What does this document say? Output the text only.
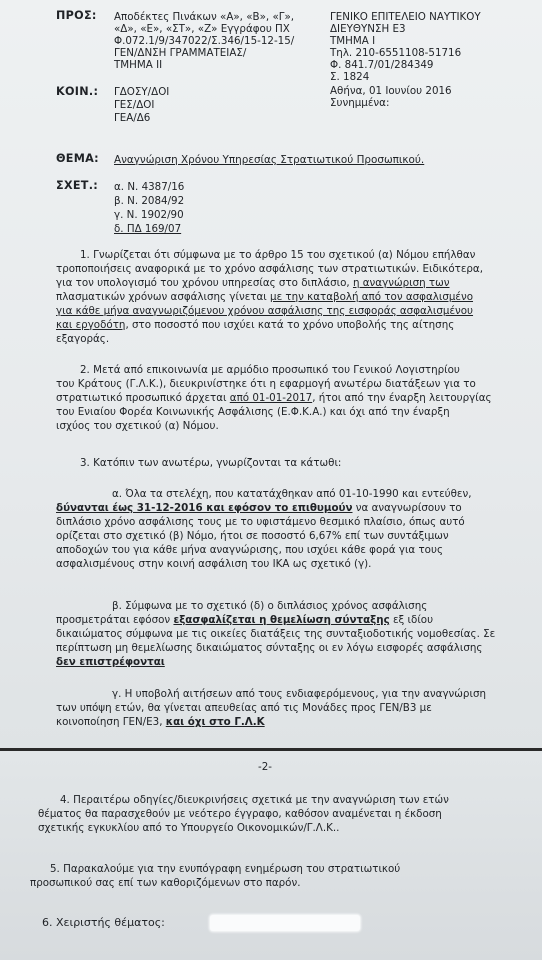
ΠΡΟΣ: Αποδέκτες Πινάκων «Α», «Β», «Γ»,
«Δ», «Ε», «ΣΤ», «Ζ» Εγγράφου ΠΧ
Φ.072.1/9/347022/Σ.346/15-12-15/
ΓΕΝ/ΔΝΣΗ ΓΡΑΜΜΑΤΕΙΑΣ/
ΤΜΗΜΑ ΙΙ
ΓΕΝΙΚΟ ΕΠΙΤΕΛΕΙΟ ΝΑΥΤΙΚΟΥ
ΔΙΕΥΘΥΝΣΗ Ε3
ΤΜΗΜΑ Ι
Τηλ. 210-6551108-51716
Φ. 841.7/01/284349
Σ. 1824
Αθήνα, 01 Ιουνίου 2016
Συνημμένα:
ΚΟΙΝ.: ΓΔΟΣΥ/ΔΟΙ
ΓΕΣ/ΔΟΙ
ΓΕΑ/Δ6
ΘΕΜΑ: Αναγνώριση Χρόνου Υπηρεσίας Στρατιωτικού Προσωπικού.
ΣΧΕΤ.: α. Ν. 4387/16
β. Ν. 2084/92
γ. Ν. 1902/90
δ. ΠΔ 169/07
1. Γνωρίζεται ότι σύμφωνα με το άρθρο 15 του σχετικού (α) Νόμου επήλθαν
τροποποιήσεις αναφορικά με το χρόνο ασφάλισης των στρατιωτικών. Ειδικότερα,
για τον υπολογισμό του χρόνου υπηρεσίας στο διπλάσιο, η αναγνώριση των
πλασματικών χρόνων ασφάλισης γίνεται με την καταβολή από τον ασφαλισμένο
για κάθε μήνα αναγνωριζόμενου χρόνου ασφάλισης της εισφοράς ασφαλισμένου
και εργοδότη, στο ποσοστό που ισχύει κατά το χρόνο υποβολής της αίτησης
εξαγοράς.
2. Μετά από επικοινωνία με αρμόδιο προσωπικό του Γενικού Λογιστηρίου
του Κράτους (Γ.Λ.Κ.), διευκρινίστηκε ότι η εφαρμογή ανωτέρω διατάξεων για το
στρατιωτικό προσωπικό άρχεται από 01-01-2017, ήτοι από την έναρξη λειτουργίας
του Ενιαίου Φορέα Κοινωνικής Ασφάλισης (Ε.Φ.Κ.Α.) και όχι από την έναρξη
ισχύος του σχετικού (α) Νόμου.
3. Κατόπιν των ανωτέρω, γνωρίζονται τα κάτωθι:
α. Όλα τα στελέχη, που κατατάχθηκαν από 01-10-1990 και εντεύθεν,
δύνανται έως 31-12-2016 και εφόσον το επιθυμούν να αναγνωρίσουν το
διπλάσιο χρόνο ασφάλισης τους με το υφιστάμενο θεσμικό πλαίσιο, όπως αυτό
ορίζεται στο σχετικό (β) Νόμο, ήτοι σε ποσοστό 6,67% επί των συντάξιμων
αποδοχών του για κάθε μήνα αναγνώρισης, που ισχύει κάθε φορά για τους
ασφαλισμένους στην κοινή ασφάλιση του ΙΚΑ ως σχετικό (γ).
β. Σύμφωνα με το σχετικό (δ) ο διπλάσιος χρόνος ασφάλισης
προσμετράται εφόσον εξασφαλίζεται η θεμελίωση σύνταξης εξ ιδίου
δικαιώματος σύμφωνα με τις οικείες διατάξεις της συνταξιοδοτικής νομοθεσίας. Σε
περίπτωση μη θεμελίωσης δικαιώματος σύνταξης οι εν λόγω εισφορές ασφάλισης
δεν επιστρέφονται
γ. Η υποβολή αιτήσεων από τους ενδιαφερόμενους, για την αναγνώριση
των υπόψη ετών, θα γίνεται απευθείας από τις Μονάδες προς ΓΕΝ/Β3 με
κοινοποίηση ΓΕΝ/Ε3, και όχι στο Γ.Λ.Κ
-2-
4. Περαιτέρω οδηγίες/διευκρινήσεις σχετικά με την αναγνώριση των ετών
θέματος θα παρασχεθούν με νεότερο έγγραφο, καθόσον αναμένεται η έκδοση
σχετικής εγκυκλίου από το Υπουργείο Οικονομικών/Γ.Λ.Κ..
5. Παρακαλούμε για την ενυπόγραφη ενημέρωση του στρατιωτικού
προσωπικού σας επί των καθοριζόμενων στο παρόν.
6. Χειριστής θέματος:
